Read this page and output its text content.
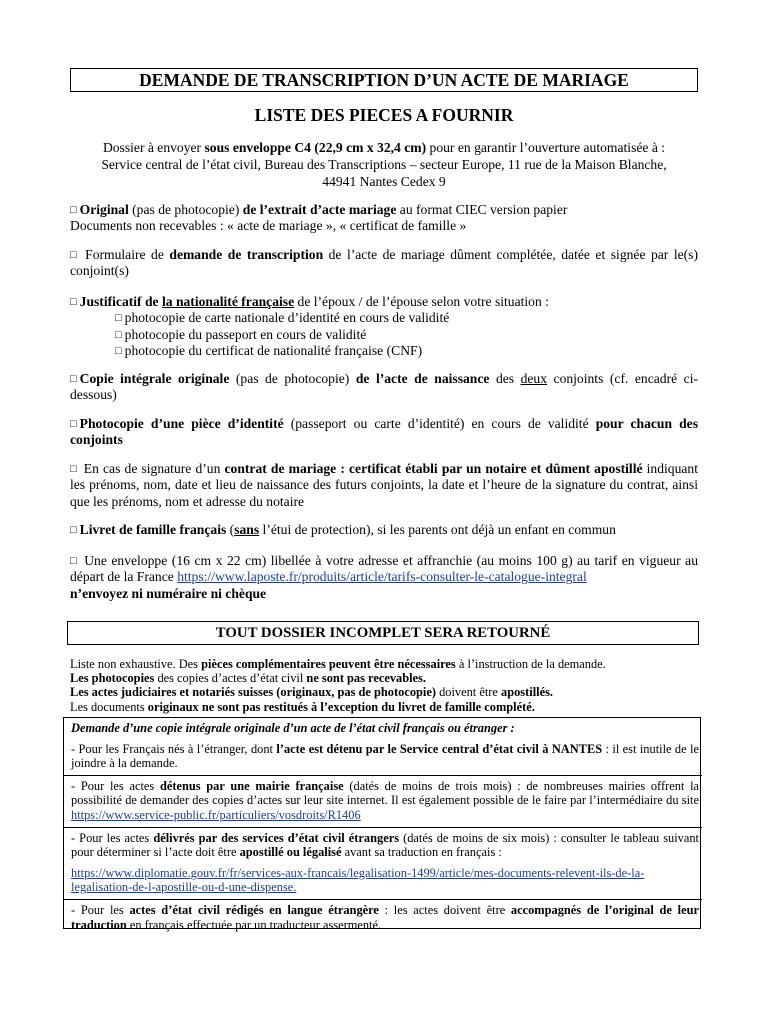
DEMANDE DE TRANSCRIPTION D’UN ACTE DE MARIAGE
LISTE DES PIECES A FOURNIR
Dossier à envoyer sous enveloppe C4 (22,9 cm x 32,4 cm) pour en garantir l’ouverture automatisée à :
Service central de l’état civil, Bureau des Transcriptions – secteur Europe, 11 rue de la Maison Blanche,
44941 Nantes Cedex 9
□ Original (pas de photocopie) de l’extrait d’acte mariage au format CIEC version papier
Documents non recevables : « acte de mariage », « certificat de famille »
□ Formulaire de demande de transcription de l’acte de mariage dûment complétée, datée et signée par le(s) conjoint(s)
□ Justificatif de la nationalité française de l’époux / de l’épouse selon votre situation :
□ photocopie de carte nationale d’identité en cours de validité
□ photocopie du passeport en cours de validité
□ photocopie du certificat de nationalité française (CNF)
□ Copie intégrale originale (pas de photocopie) de l’acte de naissance des deux conjoints (cf. encadré ci-dessous)
□ Photocopie d’une pièce d’identité (passeport ou carte d’identité) en cours de validité pour chacun des conjoints
□ En cas de signature d’un contrat de mariage : certificat établi par un notaire et dûment apostillé indiquant les prénoms, nom, date et lieu de naissance des futurs conjoints, la date et l’heure de la signature du contrat, ainsi que les prénoms, nom et adresse du notaire
□ Livret de famille français (sans l’étui de protection), si les parents ont déjà un enfant en commun
□ Une enveloppe (16 cm x 22 cm) libellée à votre adresse et affranchie (au moins 100 g) au tarif en vigueur au départ de la France https://www.laposte.fr/produits/article/tarifs-consulter-le-catalogue-integral
n’envoyez ni numéraire ni chèque
TOUT DOSSIER INCOMPLET SERA RETOURNÉ
Liste non exhaustive. Des pièces complémentaires peuvent être nécessaires à l’instruction de la demande.
Les photocopies des copies d’actes d’état civil ne sont pas recevables.
Les actes judiciaires et notariés suisses (originaux, pas de photocopie) doivent être apostillés.
Les documents originaux ne sont pas restitués à l’exception du livret de famille complété.
Demande d’une copie intégrale originale d’un acte de l’état civil français ou étranger :
- Pour les Français nés à l’étranger, dont l’acte est détenu par le Service central d’état civil à NANTES : il est inutile de le joindre à la demande.
- Pour les actes détenus par une mairie française (datés de moins de trois mois) : de nombreuses mairies offrent la possibilité de demander des copies d’actes sur leur site internet. Il est également possible de le faire par l’intermédiaire du site https://www.service-public.fr/particuliers/vosdroits/R1406
- Pour les actes délivrés par des services d’état civil étrangers (datés de moins de six mois) : consulter le tableau suivant pour déterminer si l’acte doit être apostillé ou légalisé avant sa traduction en français :
https://www.diplomatie.gouv.fr/fr/services-aux-francais/legalisation-1499/article/mes-documents-relevent-ils-de-la-legalisation-de-l-apostille-ou-d-une-dispense.
- Pour les actes d’état civil rédigés en langue étrangère : les actes doivent être accompagnés de l’original de leur traduction en français effectuée par un traducteur assermenté.
